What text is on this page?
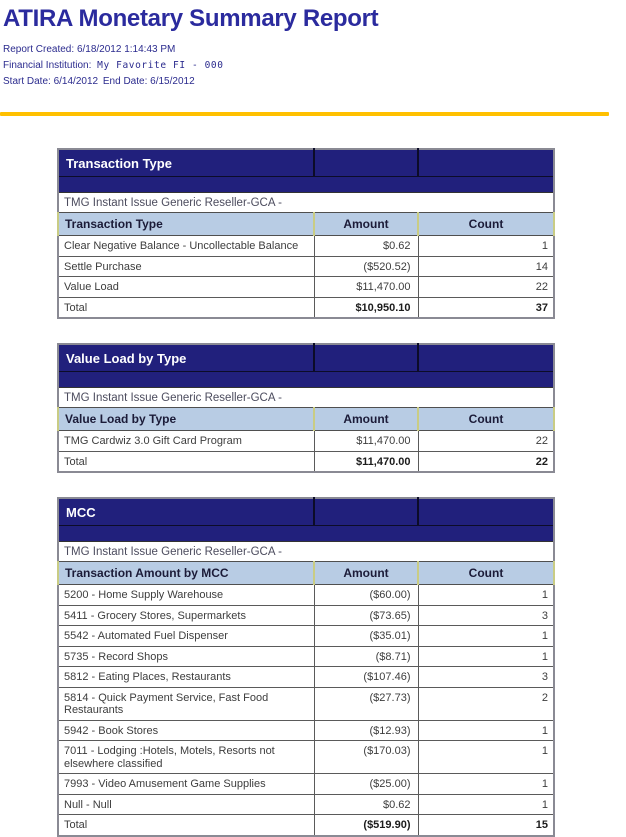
ATIRA Monetary Summary Report
Report Created: 6/18/2012 1:14:43 PM
Financial Institution: My Favorite FI - 000
Start Date: 6/14/2012 End Date: 6/15/2012
Transaction Type		

TMG Instant Issue Generic Reseller-GCA -		
Transaction Type	Amount	Count
Clear Negative Balance - Uncollectable Balance	$0.62	1
Settle Purchase	($520.52)	14
Value Load	$11,470.00	22
Total	$10,950.10	37
Value Load by Type		

TMG Instant Issue Generic Reseller-GCA -		
Value Load by Type	Amount	Count
TMG Cardwiz 3.0 Gift Card Program	$11,470.00	22
Total	$11,470.00	22
MCC		

TMG Instant Issue Generic Reseller-GCA -		
Transaction Amount by MCC	Amount	Count
5200 - Home Supply Warehouse	($60.00)	1
5411 - Grocery Stores, Supermarkets	($73.65)	3
5542 - Automated Fuel Dispenser	($35.01)	1
5735 - Record Shops	($8.71)	1
5812 - Eating Places, Restaurants	($107.46)	3
5814 - Quick Payment Service, Fast Food Restaurants	($27.73)	2
5942 - Book Stores	($12.93)	1
7011 - Lodging :Hotels, Motels, Resorts not elsewhere classified	($170.03)	1
7993 - Video Amusement Game Supplies	($25.00)	1
Null - Null	$0.62	1
Total	($519.90)	15
